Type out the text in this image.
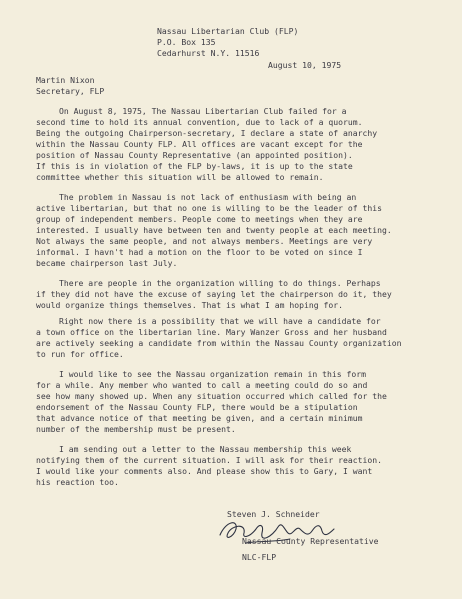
Nassau Libertarian Club (FLP)
P.O. Box 135
Cedarhurst N.Y. 11516
August 10, 1975
Martin Nixon
Secretary, FLP
On August 8, 1975, The Nassau Libertarian Club failed for a
second time to hold its annual convention, due to lack of a quorum.
Being the outgoing Chairperson-secretary, I declare a state of anarchy
within the Nassau County FLP. All offices are vacant except for the
position of Nassau County Representative (an appointed position).
If this is in violation of the FLP by-laws, it is up to the state
committee whether this situation will be allowed to remain.
The problem in Nassau is not lack of enthusiasm with being an
active libertarian, but that no one is willing to be the leader of this
group of independent members. People come to meetings when they are
interested. I usually have between ten and twenty people at each meeting.
Not always the same people, and not always members. Meetings are very
informal. I havn't had a motion on the floor to be voted on since I
became chairperson last July.
There are people in the organization willing to do things. Perhaps
if they did not have the excuse of saying let the chairperson do it, they
would organize things themselves. That is what I am hoping for.
Right now there is a possibility that we will have a candidate for
a town office on the libertarian line. Mary Wanzer Gross and her husband
are actively seeking a candidate from within the Nassau County organization
to run for office.
I would like to see the Nassau organization remain in this form
for a while. Any member who wanted to call a meeting could do so and
see how many showed up. When any situation occurred which called for the
endorsement of the Nassau County FLP, there would be a stipulation
that advance notice of that meeting be given, and a certain minimum
number of the membership must be present.
I am sending out a letter to the Nassau membership this week
notifying them of the current situation. I will ask for their reaction.
I would like your comments also. And please show this to Gary, I want
his reaction too.
Steven J. Schneider
Nassau County Representative
NLC-FLP
